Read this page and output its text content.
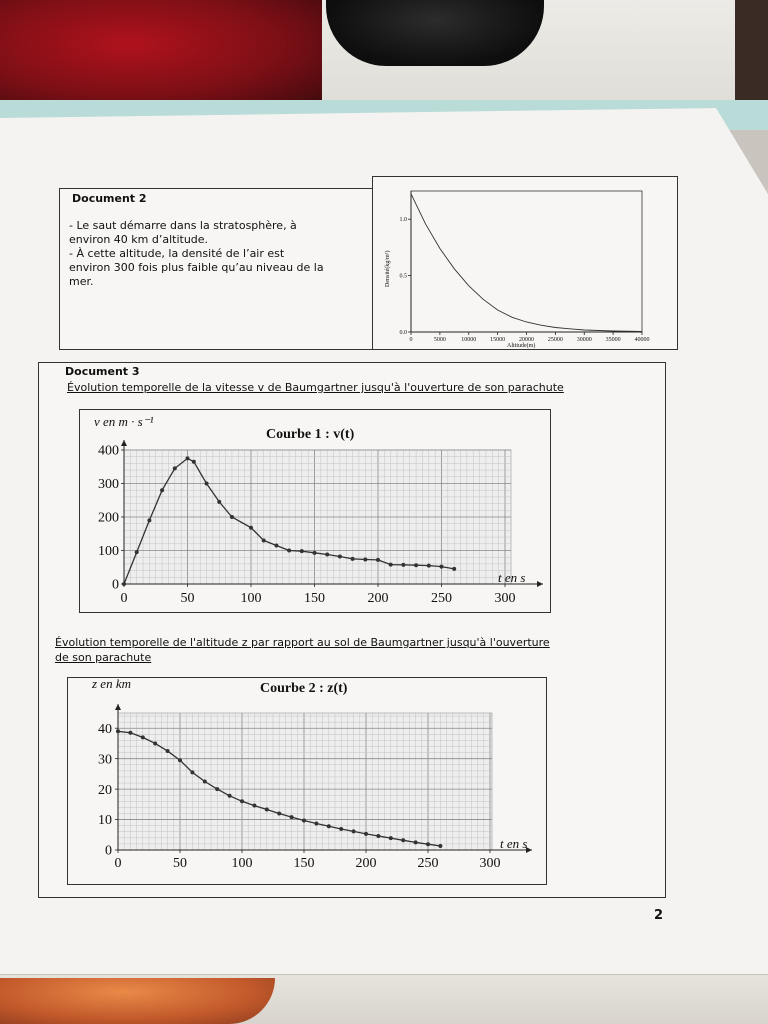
Document 2
- Le saut démarre dans la stratosphère, à
environ 40 km d’altitude.
- À cette altitude, la densité de l’air est
environ 300 fois plus faible qu’au niveau de la
mer.
0	5000	10000 15000 20000 25000 30000 35000 40000
0.0
0.5
1.0
Densité(kg/m³)
Altitude(m)
Document 3
Évolution temporelle de la vitesse v de Baumgartner jusqu'à l'ouverture de son parachute
0	50	100	150	200	250	300
0
100
200
300
400
Courbe 1 : v(t)
v en m · s⁻¹
t en s
Évolution temporelle de l'altitude z par rapport au sol de Baumgartner jusqu'à l'ouverture
de son parachute
0	50	100	150	200	250	300
0
10
20
30
40
Courbe 2 : z(t)
z en km
t en s
2
